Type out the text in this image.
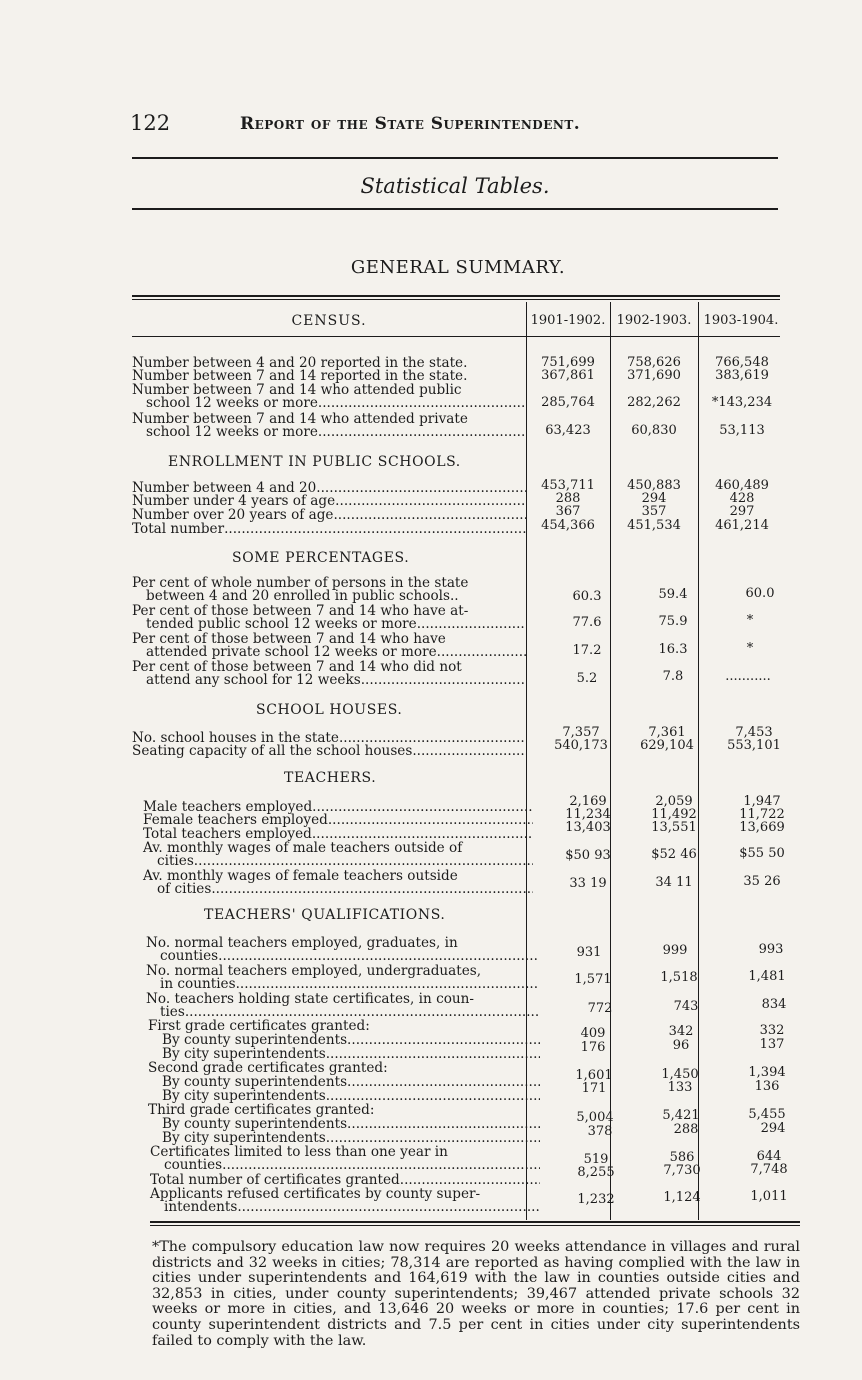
122	Report of the State Superintendent.
Statistical Tables.
GENERAL SUMMARY.
CENSUS.	1901-1902. 1902-1903. 1903-1904.
Number between 4 and 20 reported in the state.	751,699	758,626	766,548
Number between 7 and 14 reported in the state.	367,861	371,690	383,619
Number between 7 and 14 who attended public
school 12 weeks or more .....	285,764	282,262	*143,234
Number between 7 and 14 who attended private
school 12 weeks or more .....	63,423	60,830	53,113
ENROLLMENT IN PUBLIC SCHOOLS.
Number between 4 and 20 .....	453,711	450,883	460,489
Number under 4 years of age .....	288	294	428
Number over 20 years of age .....	367	357	297
Total number .....	454,366	451,534	461,214
SOME PERCENTAGES.
Per cent of whole number of persons in the state
between 4 and 20 enrolled in public schools..	60.3	59.4	60.0
Per cent of those between 7 and 14 who have at-
tended public school 12 weeks or more .....	77.6	75.9	*
Per cent of those between 7 and 14 who have
attended private school 12 weeks or more .....	17.2	16.3	*
Per cent of those between 7 and 14 who did not
attend any school for 12 weeks .....	5.2	7.8	...........
SCHOOL HOUSES.
No. school houses in the state .....	7,357	7,361	7,453
Seating capacity of all the school houses .....	540,173	629,104	553,101
TEACHERS.
Male teachers employed .....	2,169	2,059	1,947
Female teachers employed .....	11,234	11,492	11,722
Total teachers employed .....	13,403	13,551	13,669
Av. monthly wages of male teachers outside of
cities .....	$50 93	$52 46	$55 50
Av. monthly wages of female teachers outside
of cities .....	33 19	34 11	35 26
TEACHERS' QUALIFICATIONS.
No. normal teachers employed, graduates, in
counties .....	931	999	993
No. normal teachers employed, undergraduates,
in counties .....	1,571	1,518	1,481
No. teachers holding state certificates, in coun-
ties .....	772	743	834
First grade certificates granted:
By county superintendents .....	409	342	332
By city superintendents .....	176	96	137
Second grade certificates granted:
By county superintendents .....	1,601	1,450	1,394
By city superintendents
.....	171	133	136
Third grade certificates granted:
By county superintendents .....	5,004	5,421	5,455
By city superintendents .....	378	288	294
Certificates limited to less than one year in
counties .....	519	586	644
Total number of certificates granted
.....	8,255	7,730	7,748
Applicants refused certificates by county super-
intendents
.....	1,232	1,124	1,011
*The compulsory education law now requires 20 weeks attendance in villages and rural districts and 32 weeks in cities; 78,314 are reported as having complied with the law in cities under superintendents and 164,619 with the law in counties outside cities and 32,853 in cities, under county superintendents; 39,467 attended private schools 32 weeks or more in cities, and 13,646 20 weeks or more in counties; 17.6 per cent in county superintendent districts and 7.5 per cent in cities under city superintendents failed to comply with the law.
